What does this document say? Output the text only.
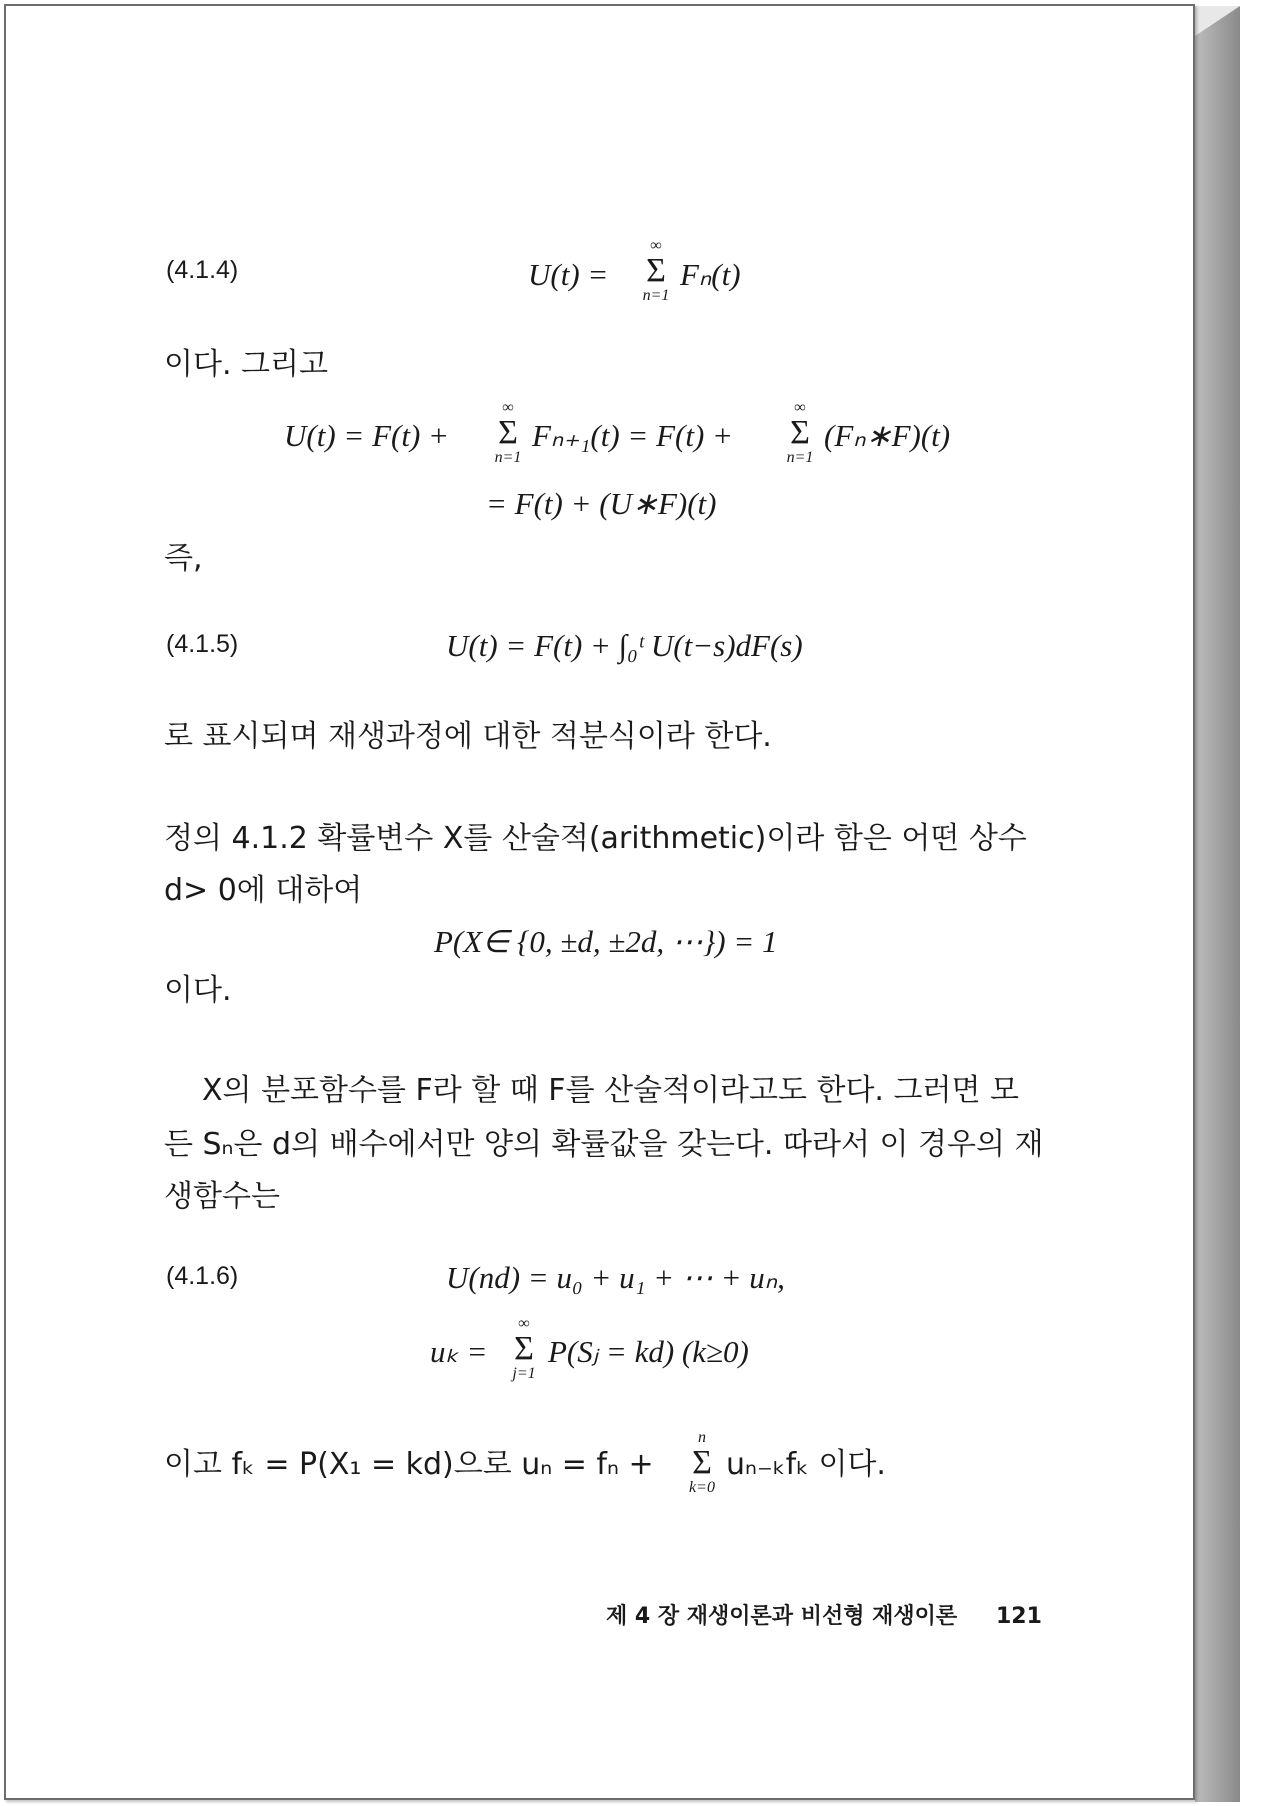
(4.1.4)	U(t) =
∞
Σ
n=1
Fₙ(t)
이다. 그리고
U(t) = F(t) +
∞
Σ
n=1
Fₙ₊₁(t) = F(t) +
∞
Σ
n=1
(Fₙ∗F)(t)
= F(t) + (U∗F)(t)
즉,
(4.1.5)	U(t) = F(t) + ∫₀ᵗ U(t−s)dF(s)
로 표시되며 재생과정에 대한 적분식이라 한다.
정의 4.1.2 확률변수 X를 산술적(arithmetic)이라 함은 어떤 상수
d> 0에 대하여
P(X∈ {0, ±d, ±2d, ⋯}) = 1
이다.
X의 분포함수를 F라 할 때 F를 산술적이라고도 한다. 그러면 모
든 Sₙ은 d의 배수에서만 양의 확률값을 갖는다. 따라서 이 경우의 재
생함수는
(4.1.6)	U(nd) = u₀ + u₁ + ⋯ + uₙ,
uₖ =
∞
Σ
j=1
P(Sⱼ = kd) (k≥0)
이고 fₖ = P(X₁ = kd)으로 uₙ = fₙ +
n
Σ
k=0
uₙ₋ₖfₖ 이다.
제 4 장 재생이론과 비선형 재생이론 121
